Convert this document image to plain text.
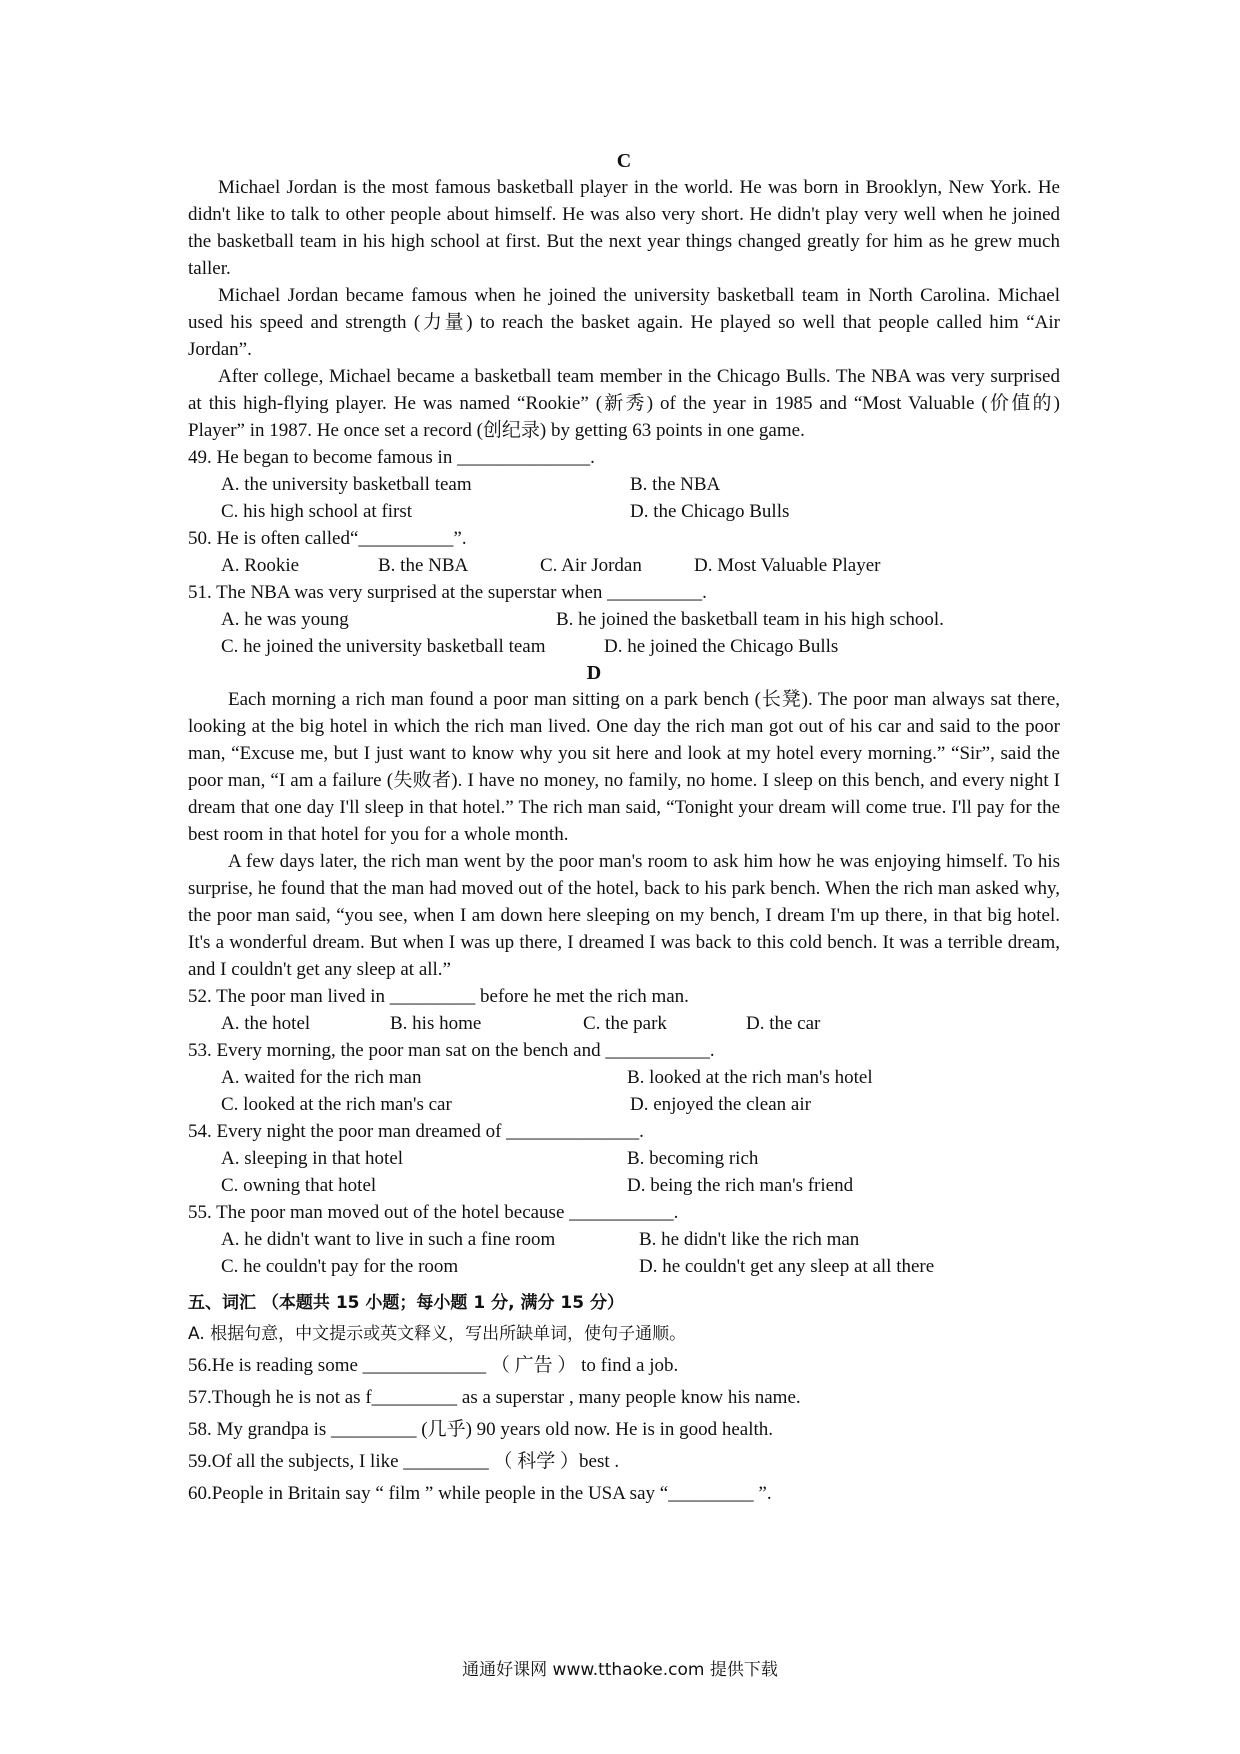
C

Michael Jordan is the most famous basketball player in the world. He was born in Brooklyn, New York. He didn't like to talk to other people about himself. He was also very short. He didn't play very well when he joined the basketball team in his high school at first. But the next year things changed greatly for him as he grew much taller.

Michael Jordan became famous when he joined the university basketball team in North Carolina. Michael used his speed and strength (力量) to reach the basket again. He played so well that people called him “Air Jordan”.

After college, Michael became a basketball team member in the Chicago Bulls. The NBA was very surprised at this high-flying player. He was named “Rookie” (新秀) of the year in 1985 and “Most Valuable (价值的) Player” in 1987. He once set a record (创纪录) by getting 63 points in one game.

49. He began to become famous in ______________.

A. the university basketball team	B. the NBA
C. his high school at first	D. the Chicago Bulls

50. He is often called“__________”.

A. Rookie	B. the NBA	C. Air Jordan	D. Most Valuable Player

51. The NBA was very surprised at the superstar when __________.

A. he was young	B. he joined the basketball team in his high school.
C. he joined the university basketball team	D. he joined the Chicago Bulls

D

Each morning a rich man found a poor man sitting on a park bench (长凳). The poor man always sat there, looking at the big hotel in which the rich man lived. One day the rich man got out of his car and said to the poor man, “Excuse me, but I just want to know why you sit here and look at my hotel every morning.” “Sir”, said the poor man, “I am a failure (失败者). I have no money, no family, no home. I sleep on this bench, and every night I dream that one day I'll sleep in that hotel.” The rich man said, “Tonight your dream will come true. I'll pay for the best room in that hotel for you for a whole month.

A few days later, the rich man went by the poor man's room to ask him how he was enjoying himself. To his surprise, he found that the man had moved out of the hotel, back to his park bench. When the rich man asked why, the poor man said, “you see, when I am down here sleeping on my bench, I dream I'm up there, in that big hotel. It's a wonderful dream. But when I was up there, I dreamed I was back to this cold bench. It was a terrible dream, and I couldn't get any sleep at all.”

52. The poor man lived in _________ before he met the rich man.

A. the hotel	B. his home	C. the park	D. the car

53. Every morning, the poor man sat on the bench and ___________.

A. waited for the rich man	B. looked at the rich man's hotel
C. looked at the rich man's car	D. enjoyed the clean air

54. Every night the poor man dreamed of ______________.

A. sleeping in that hotel	B. becoming rich
C. owning that hotel	D. being the rich man's friend

55. The poor man moved out of the hotel because ___________.

A. he didn't want to live in such a fine room	B. he didn't like the rich man
C. he couldn't pay for the room	D. he couldn't get any sleep at all there

五、词汇 （本题共 15 小题；每小题 1 分, 满分 15 分）

A. 根据句意，中文提示或英文释义，写出所缺单词，使句子通顺。

56.He is reading some _____________ （ 广告 ） to find a job.

57.Though he is not as f_________ as a superstar , many people know his name.

58. My grandpa is _________ (几乎) 90 years old now. He is in good health.

59.Of all the subjects, I like _________ （ 科学 ）best .

60.People in Britain say “ film ” while people in the USA say “_________ ”.

通通好课网 www.tthaoke.com 提供下载
